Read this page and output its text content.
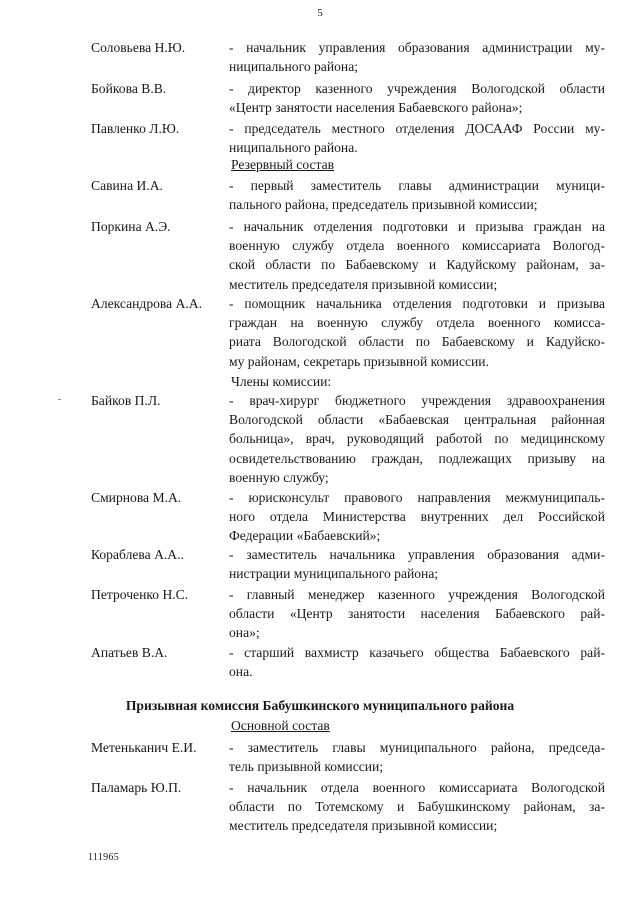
5
Резервный состав
Члены комиссии:
Призывная комиссия Бабушкинского муниципального района
Основной состав
Соловьева Н.Ю.	- начальник управления образования администрации му-
ниципального района;
Бойкова В.В.	- директор казенного учреждения Вологодской области
«Центр занятости населения Бабаевского района»;
Павленко Л.Ю.	- председатель местного отделения ДОСААФ России му-
ниципального района.
Савина И.А.	- первый заместитель главы администрации муници-
пального района, председатель призывной комиссии;
Поркина А.Э.	- начальник отделения подготовки и призыва граждан на
военную службу отдела военного комиссариата Вологод-
ской области по Бабаевскому и Кадуйскому районам, за-
меститель председателя призывной комиссии;
Александрова А.А. - помощник начальника отделения подготовки и призыва
граждан на военную службу отдела военного комисса-
риата Вологодской области по Бабаевскому и Кадуйско-
му районам, секретарь призывной комиссии.
Байков П.Л.	- врач-хирург бюджетного учреждения здравоохранения
Вологодской области «Бабаевская центральная районная
больница», врач, руководящий работой по медицинскому
освидетельствованию граждан, подлежащих призыву на
военную службу;
Смирнова М.А.	- юрисконсульт правового направления межмуниципаль-
ного отдела Министерства внутренних дел Российской
Федерации «Бабаевский»;
Кораблева А.А..	- заместитель начальника управления образования адми-
нистрации муниципального района;
Петроченко Н.С.	- главный менеджер казенного учреждения Вологодской
области «Центр занятости населения Бабаевского рай-
она»;
Апатьев В.А.	- старший вахмистр казачьего общества Бабаевского рай-
она.
Метеньканич Е.И. - заместитель главы муниципального района, председа-
тель призывной комиссии;
Паламарь Ю.П.	- начальник отдела военного комиссариата Вологодской
области по Тотемскому и Бабушкинскому районам, за-
меститель председателя призывной комиссии;
111965
